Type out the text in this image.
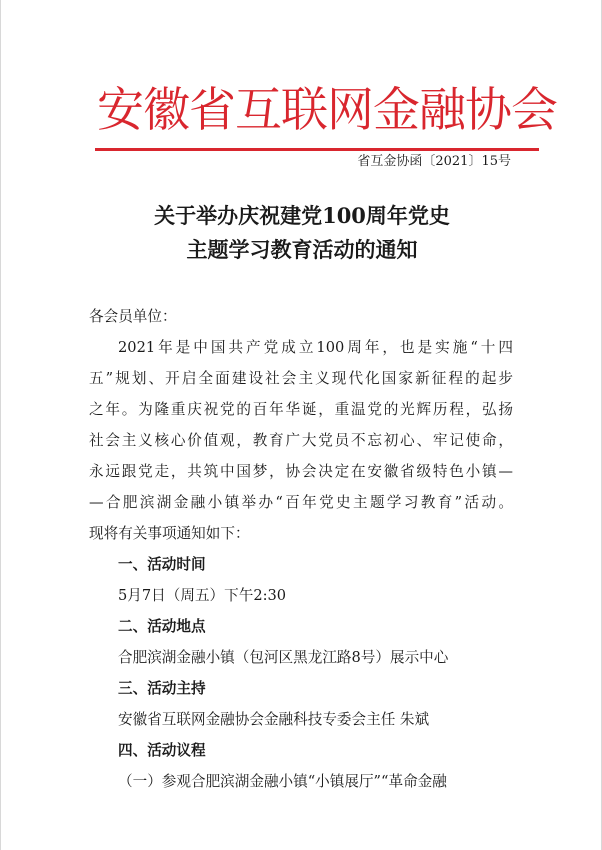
安徽省互联网金融协会
省互金协函〔2021〕15号
关于举办庆祝建党100周年党史
主题学习教育活动的通知
各会员单位：
2021年是中国共产党成立100周年，也是实施“十四
五”规划、开启全面建设社会主义现代化国家新征程的起步
之年。为隆重庆祝党的百年华诞，重温党的光辉历程，弘扬
社会主义核心价值观，教育广大党员不忘初心、牢记使命，
永远跟党走，共筑中国梦，协会决定在安徽省级特色小镇—
—合肥滨湖金融小镇举办“百年党史主题学习教育”活动。
现将有关事项通知如下：
一、活动时间
5月7日（周五）下午2:30
二、活动地点
合肥滨湖金融小镇（包河区黑龙江路8号）展示中心
三、活动主持
安徽省互联网金融协会金融科技专委会主任 朱斌
四、活动议程
（一）参观合肥滨湖金融小镇“小镇展厅”“革命金融
